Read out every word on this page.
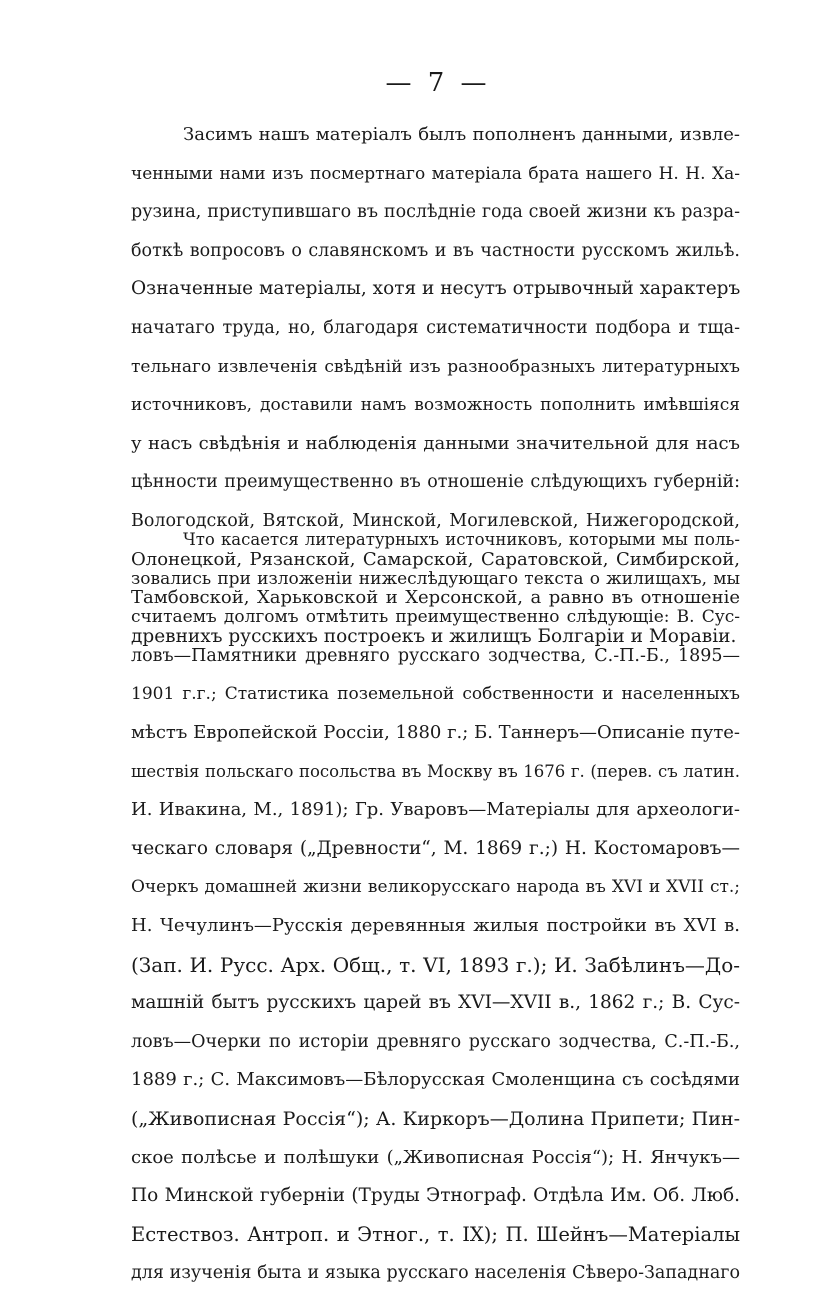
— 7 —
Засимъ нашъ матеріалъ былъ пополненъ данными, извле-
ченными нами изъ посмертнаго матеріала брата нашего Н. Н. Ха-
рузина, приступившаго въ послѣдніе года своей жизни къ разра-
боткѣ вопросовъ о славянскомъ и въ частности русскомъ жильѣ.
Означенные матеріалы, хотя и несутъ отрывочный характеръ
начатаго труда, но, благодаря систематичности подбора и тща-
тельнаго извлеченія свѣдѣній изъ разнообразныхъ литературныхъ
источниковъ, доставили намъ возможность пополнить имѣвшіяся
у насъ свѣдѣнія и наблюденія данными значительной для насъ
цѣнности преимущественно въ отношеніе слѣдующихъ губерній:
Вологодской, Вятской, Минской, Могилевской, Нижегородской,
Олонецкой, Рязанской, Самарской, Саратовской, Симбирской,
Тамбовской, Харьковской и Херсонской, а равно въ отношеніе
древнихъ русскихъ построекъ и жилищъ Болгаріи и Моравіи.
Что касается литературныхъ источниковъ, которыми мы поль-
зовались при изложеніи нижеслѣдующаго текста о жилищахъ, мы
считаемъ долгомъ отмѣтить преимущественно слѣдующіе: В. Сус-
ловъ—Памятники древняго русскаго зодчества, С.-П.-Б., 1895—
1901 г.г.; Статистика поземельной собственности и населенныхъ
мѣстъ Европейской Россіи, 1880 г.; Б. Таннеръ—Описаніе путе-
шествія польскаго посольства въ Москву въ 1676 г. (перев. съ латин.
И. Ивакина, М., 1891); Гр. Уваровъ—Матеріалы для археологи-
ческаго словаря („Древности“, М. 1869 г.;) Н. Костомаровъ—
Очеркъ домашней жизни великорусскаго народа въ XVI и XVII ст.;
Н. Чечулинъ—Русскія деревянныя жилыя постройки въ XVI в.
(Зап. И. Русс. Арх. Общ., т. VI, 1893 г.); И. Забѣлинъ—До-
машній бытъ русскихъ царей въ XVI—XVII в., 1862 г.; В. Сус-
ловъ—Очерки по исторіи древняго русскаго зодчества, С.-П.-Б.,
1889 г.; С. Максимовъ—Бѣлорусская Смоленщина съ сосѣдями
(„Живописная Россія“); А. Киркоръ—Долина Припети; Пин-
ское полѣсье и полѣшуки („Живописная Россія“); Н. Янчукъ—
По Минской губерніи (Труды Этнограф. Отдѣла Им. Об. Люб.
Естествоз. Антроп. и Этног., т. IX); П. Шейнъ—Матеріалы
для изученія быта и языка русскаго населенія Сѣверо-Западнаго
